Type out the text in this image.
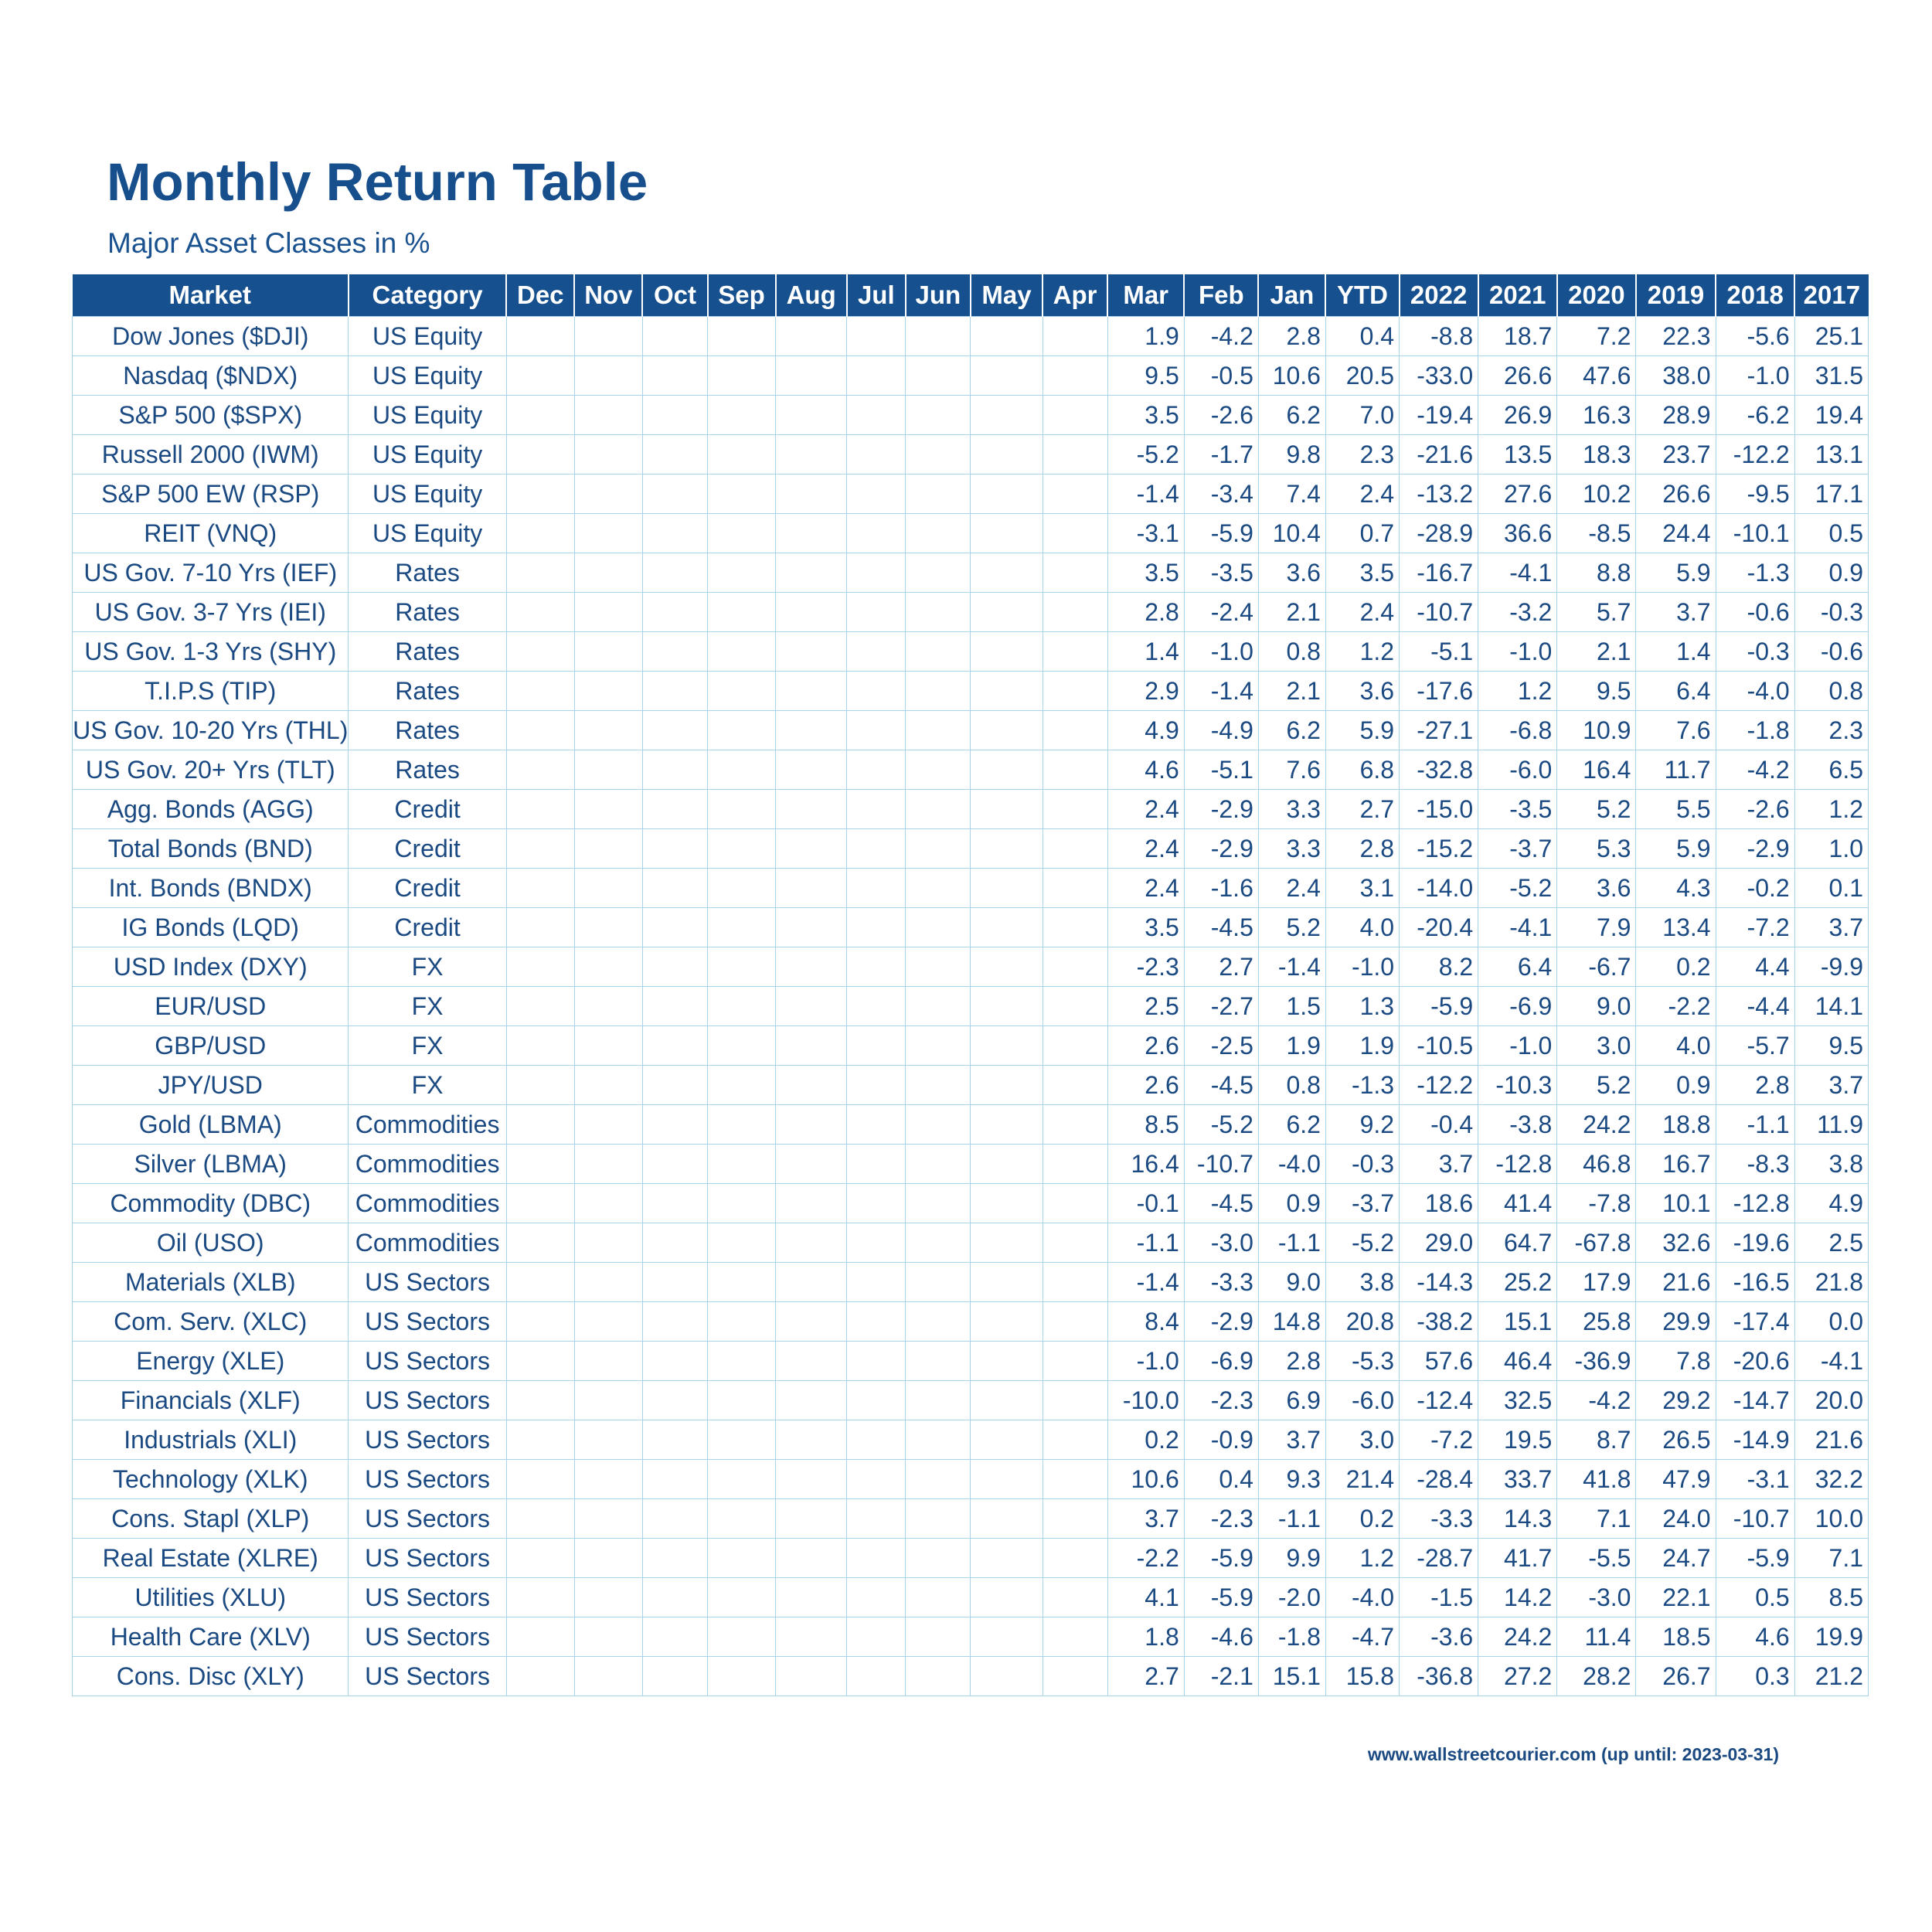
Monthly Return Table
Major Asset Classes in %
Market	Category	Dec	Nov	Oct	Sep	Aug	Jul	Jun	May	Apr	Mar	Feb	Jan	YTD	2022	2021	2020	2019	2018	2017
Dow Jones ($DJI)	US Equity										1.9	-4.2	2.8	0.4	-8.8	18.7	7.2	22.3	-5.6	25.1
Nasdaq ($NDX)	US Equity										9.5	-0.5	10.6	20.5	-33.0	26.6	47.6	38.0	-1.0	31.5
S&P 500 ($SPX)	US Equity										3.5	-2.6	6.2	7.0	-19.4	26.9	16.3	28.9	-6.2	19.4
Russell 2000 (IWM)	US Equity										-5.2	-1.7	9.8	2.3	-21.6	13.5	18.3	23.7	-12.2	13.1
S&P 500 EW (RSP)	US Equity										-1.4	-3.4	7.4	2.4	-13.2	27.6	10.2	26.6	-9.5	17.1
REIT (VNQ)	US Equity										-3.1	-5.9	10.4	0.7	-28.9	36.6	-8.5	24.4	-10.1	0.5
US Gov. 7-10 Yrs (IEF)	Rates										3.5	-3.5	3.6	3.5	-16.7	-4.1	8.8	5.9	-1.3	0.9
US Gov. 3-7 Yrs (IEI)	Rates										2.8	-2.4	2.1	2.4	-10.7	-3.2	5.7	3.7	-0.6	-0.3
US Gov. 1-3 Yrs (SHY)	Rates										1.4	-1.0	0.8	1.2	-5.1	-1.0	2.1	1.4	-0.3	-0.6
T.I.P.S (TIP)	Rates										2.9	-1.4	2.1	3.6	-17.6	1.2	9.5	6.4	-4.0	0.8
US Gov. 10-20 Yrs (THL)	Rates										4.9	-4.9	6.2	5.9	-27.1	-6.8	10.9	7.6	-1.8	2.3
US Gov. 20+ Yrs (TLT)	Rates										4.6	-5.1	7.6	6.8	-32.8	-6.0	16.4	11.7	-4.2	6.5
Agg. Bonds (AGG)	Credit										2.4	-2.9	3.3	2.7	-15.0	-3.5	5.2	5.5	-2.6	1.2
Total Bonds (BND)	Credit										2.4	-2.9	3.3	2.8	-15.2	-3.7	5.3	5.9	-2.9	1.0
Int. Bonds (BNDX)	Credit										2.4	-1.6	2.4	3.1	-14.0	-5.2	3.6	4.3	-0.2	0.1
IG Bonds (LQD)	Credit										3.5	-4.5	5.2	4.0	-20.4	-4.1	7.9	13.4	-7.2	3.7
USD Index (DXY)	FX										-2.3	2.7	-1.4	-1.0	8.2	6.4	-6.7	0.2	4.4	-9.9
EUR/USD	FX										2.5	-2.7	1.5	1.3	-5.9	-6.9	9.0	-2.2	-4.4	14.1
GBP/USD	FX										2.6	-2.5	1.9	1.9	-10.5	-1.0	3.0	4.0	-5.7	9.5
JPY/USD	FX										2.6	-4.5	0.8	-1.3	-12.2	-10.3	5.2	0.9	2.8	3.7
Gold (LBMA)	Commodities										8.5	-5.2	6.2	9.2	-0.4	-3.8	24.2	18.8	-1.1	11.9
Silver (LBMA)	Commodities										16.4	-10.7	-4.0	-0.3	3.7	-12.8	46.8	16.7	-8.3	3.8
Commodity (DBC)	Commodities										-0.1	-4.5	0.9	-3.7	18.6	41.4	-7.8	10.1	-12.8	4.9
Oil (USO)	Commodities										-1.1	-3.0	-1.1	-5.2	29.0	64.7	-67.8	32.6	-19.6	2.5
Materials (XLB)	US Sectors										-1.4	-3.3	9.0	3.8	-14.3	25.2	17.9	21.6	-16.5	21.8
Com. Serv. (XLC)	US Sectors										8.4	-2.9	14.8	20.8	-38.2	15.1	25.8	29.9	-17.4	0.0
Energy (XLE)	US Sectors										-1.0	-6.9	2.8	-5.3	57.6	46.4	-36.9	7.8	-20.6	-4.1
Financials (XLF)	US Sectors										-10.0	-2.3	6.9	-6.0	-12.4	32.5	-4.2	29.2	-14.7	20.0
Industrials (XLI)	US Sectors										0.2	-0.9	3.7	3.0	-7.2	19.5	8.7	26.5	-14.9	21.6
Technology (XLK)	US Sectors										10.6	0.4	9.3	21.4	-28.4	33.7	41.8	47.9	-3.1	32.2
Cons. Stapl (XLP)	US Sectors										3.7	-2.3	-1.1	0.2	-3.3	14.3	7.1	24.0	-10.7	10.0
Real Estate (XLRE)	US Sectors										-2.2	-5.9	9.9	1.2	-28.7	41.7	-5.5	24.7	-5.9	7.1
Utilities (XLU)	US Sectors										4.1	-5.9	-2.0	-4.0	-1.5	14.2	-3.0	22.1	0.5	8.5
Health Care (XLV)	US Sectors										1.8	-4.6	-1.8	-4.7	-3.6	24.2	11.4	18.5	4.6	19.9
Cons. Disc (XLY)	US Sectors										2.7	-2.1	15.1	15.8	-36.8	27.2	28.2	26.7	0.3	21.2
www.wallstreetcourier.com (up until: 2023-03-31)
